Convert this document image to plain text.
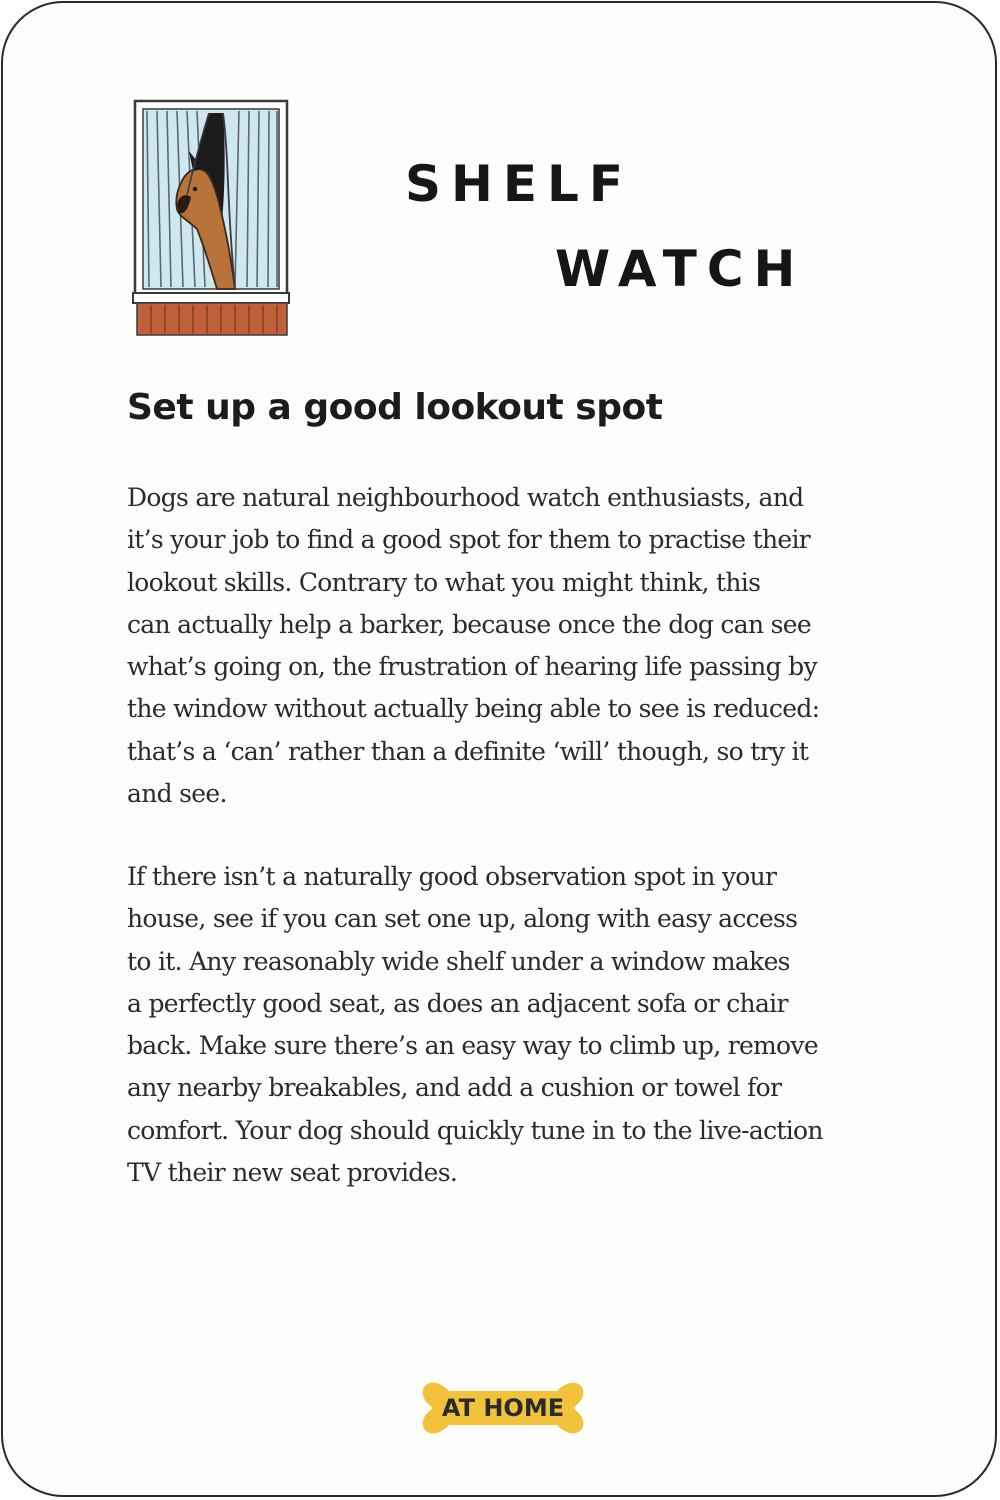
SHELF
WATCH
Set up a good lookout spot

Dogs are natural neighbourhood watch enthusiasts, and
it’s your job to find a good spot for them to practise their
lookout skills. Contrary to what you might think, this
can actually help a barker, because once the dog can see
what’s going on, the frustration of hearing life passing by
the window without actually being able to see is reduced:
that’s a ‘can’ rather than a definite ‘will’ though, so try it
and see.

If there isn’t a naturally good observation spot in your
house, see if you can set one up, along with easy access
to it. Any reasonably wide shelf under a window makes
a perfectly good seat, as does an adjacent sofa or chair
back. Make sure there’s an easy way to climb up, remove
any nearby breakables, and add a cushion or towel for
comfort. Your dog should quickly tune in to the live-action
TV their new seat provides.

AT HOME
